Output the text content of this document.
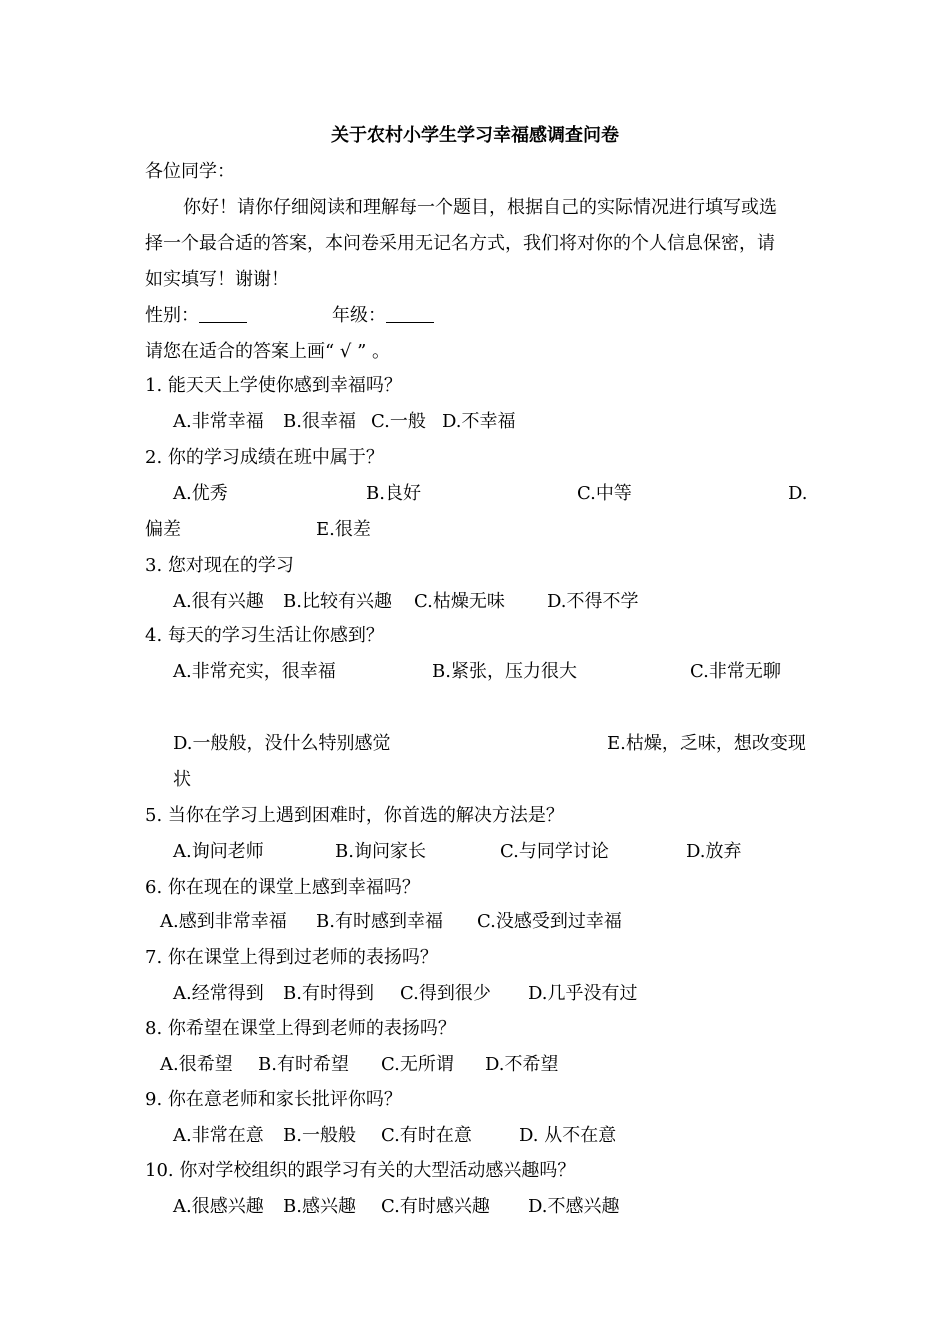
关于农村小学生学习幸福感调查问卷
各位同学：
你好！请你仔细阅读和理解每一个题目，根据自己的实际情况进行填写或选
择一个最合适的答案，本问卷采用无记名方式，我们将对你的个人信息保密，请
如实填写！谢谢！
性别：	年级：
请您在适合的答案上画“ √ ” 。
1. 能天天上学使你感到幸福吗？
A.非常幸福 B.很幸福 C.一般 D.不幸福
2. 你的学习成绩在班中属于？
A.优秀	B.良好	C.中等	D.
偏差	E.很差
3. 您对现在的学习
A.很有兴趣 B.比较有兴趣 C.枯燥无味 D.不得不学
4. 每天的学习生活让你感到？
A.非常充实，很幸福	B.紧张，压力很大	C.非常无聊
D.一般般，没什么特别感觉	E.枯燥，乏味，想改变现
状
5. 当你在学习上遇到困难时，你首选的解决方法是？
A.询问老师	B.询问家长	C.与同学讨论	D.放弃
6. 你在现在的课堂上感到幸福吗？
A.感到非常幸福 B.有时感到幸福 C.没感受到过幸福
7. 你在课堂上得到过老师的表扬吗？
A.经常得到 B.有时得到 C.得到很少 D.几乎没有过
8. 你希望在课堂上得到老师的表扬吗？
A.很希望 B.有时希望 C.无所谓 D.不希望
9. 你在意老师和家长批评你吗？
A.非常在意 B.一般般 C.有时在意	D. 从不在意
10. 你对学校组织的跟学习有关的大型活动感兴趣吗？
A.很感兴趣 B.感兴趣 C.有时感兴趣 D.不感兴趣
